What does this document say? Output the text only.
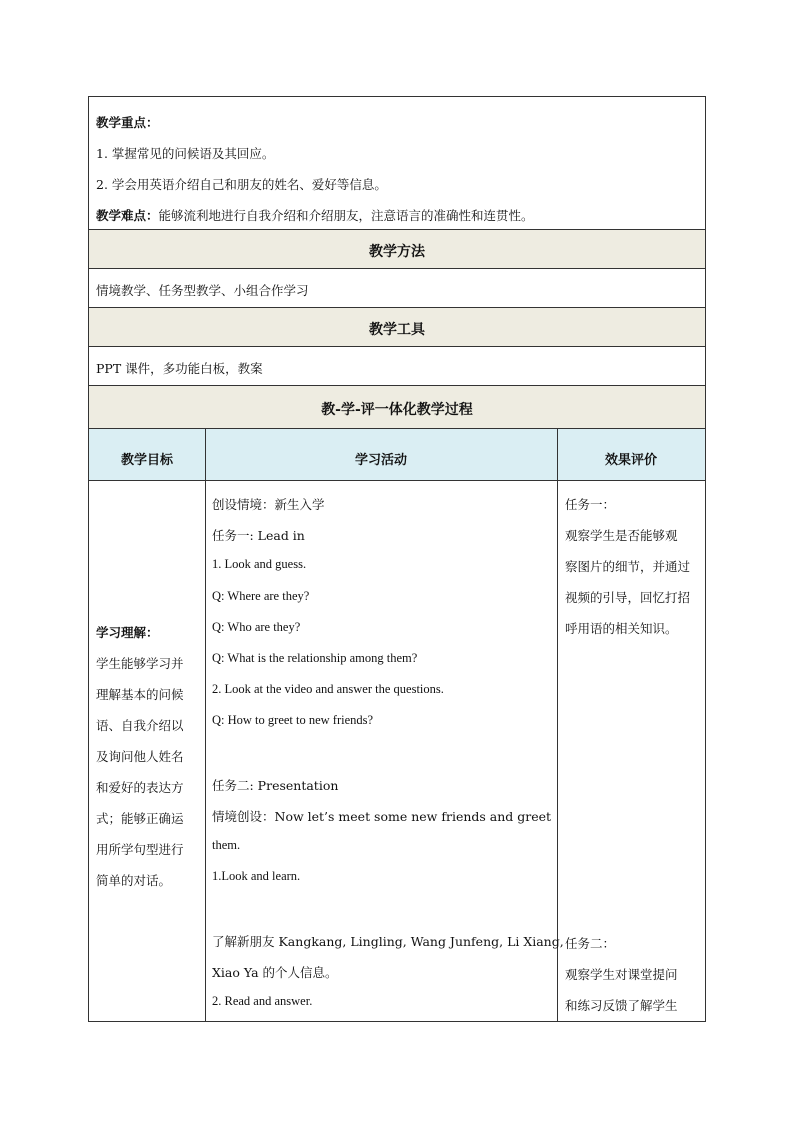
教学重点：
1. 掌握常见的问候语及其回应。
2. 学会用英语介绍自己和朋友的姓名、爱好等信息。
教学难点：能够流利地进行自我介绍和介绍朋友，注意语言的准确性和连贯性。
教学方法
情境教学、任务型教学、小组合作学习
教学工具
PPT 课件，多功能白板，教案
教-学-评一体化教学过程
教学目标	学习活动	效果评价
学习理解：
学生能够学习并
理解基本的问候
语、自我介绍以
及询问他人姓名
和爱好的表达方
式；能够正确运
用所学句型进行
简单的对话。
创设情境：新生入学
任务一: Lead in
1. Look and guess.
Q: Where are they?
Q: Who are they?
Q: What is the relationship among them?
2. Look at the video and answer the questions.
Q: How to greet to new friends?
任务二: Presentation
情境创设：Now let’s meet some new friends and greet
them.
1.Look and learn.
了解新朋友 Kangkang, Lingling, Wang Junfeng, Li Xiang,
Xiao Ya 的个人信息。
2. Read and answer.
任务一：
观察学生是否能够观
察图片的细节，并通过
视频的引导，回忆打招
呼用语的相关知识。
任务二：
观察学生对课堂提问
和练习反馈了解学生
